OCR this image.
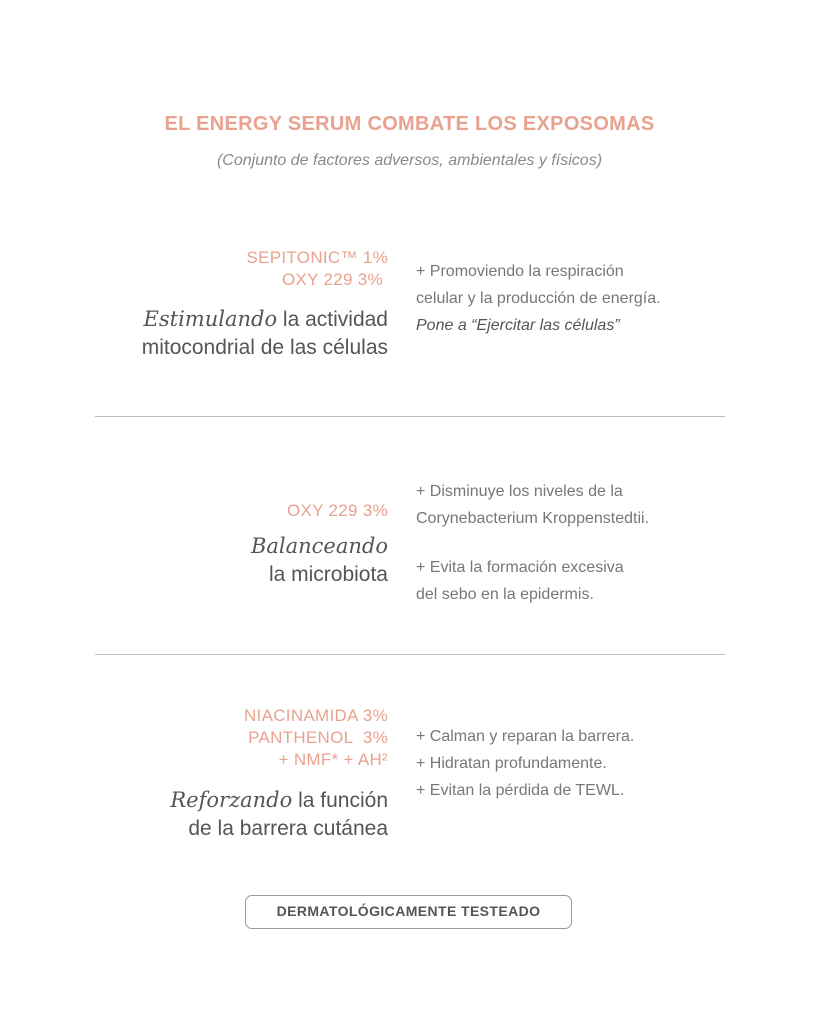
EL ENERGY SERUM COMBATE LOS EXPOSOMAS
(Conjunto de factores adversos, ambientales y físicos)
SEPITONIC™ 1%
OXY 229 3%
Estimulando la actividad
mitocondrial de las células
+ Promoviendo la respiración
celular y la producción de energía.
Pone a “Ejercitar las células”
OXY 229 3%
Balanceando
la microbiota
+ Disminuye los niveles de la
Corynebacterium Kroppenstedtii.
+ Evita la formación excesiva
del sebo en la epidermis.
NIACINAMIDA 3%
PANTHENOL  3%
+ NMF* + AH²
Reforzando la función
de la barrera cutánea
+ Calman y reparan la barrera.
+ Hidratan profundamente.
+ Evitan la pérdida de TEWL.
DERMATOLÓGICAMENTE TESTEADO
